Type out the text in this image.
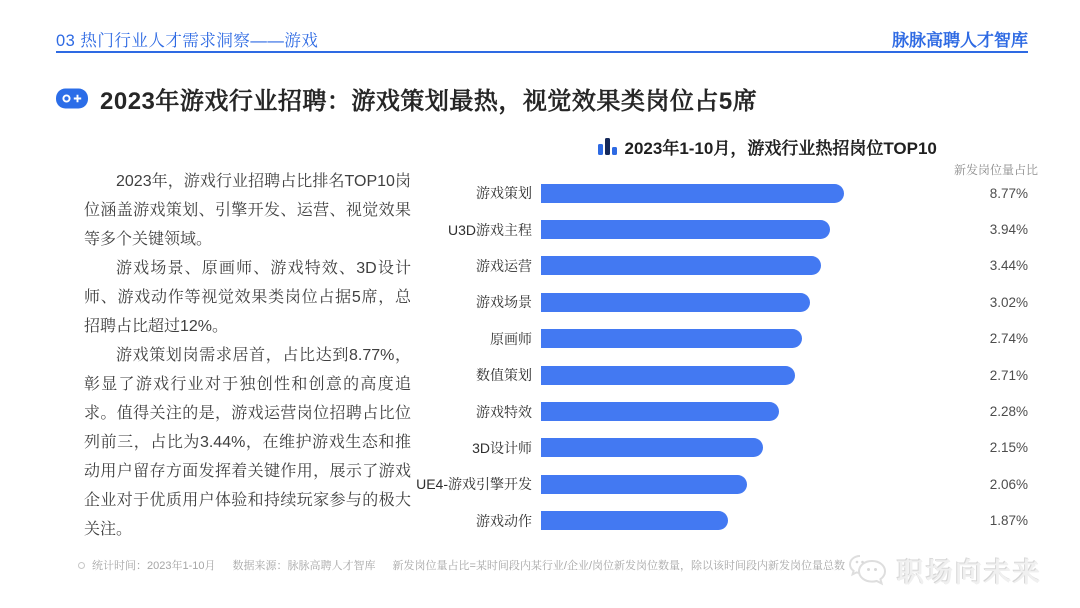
03 热门行业人才需求洞察——游戏	脉脉高聘人才智库
2023年游戏行业招聘：游戏策划最热，视觉效果类岗位占5席
2023年1-10月，游戏行业热招岗位TOP10
新发岗位量占比

2023年，游戏行业招聘占比排名TOP10岗位涵盖游戏策划、引擎开发、运营、视觉效果等多个关键领域。

游戏场景、原画师、游戏特效、3D设计师、游戏动作等视觉效果类岗位占据5席，总招聘占比超过12%。

游戏策划岗需求居首，占比达到8.77%，彰显了游戏行业对于独创性和创意的高度追求。值得关注的是，游戏运营岗位招聘占比位列前三，占比为3.44%，在维护游戏生态和推动用户留存方面发挥着关键作用，展示了游戏企业对于优质用户体验和持续玩家参与的极大关注。

游戏策划	8.77%
U3D游戏主程	3.94%
游戏运营	3.44%
游戏场景	3.02%
原画师	2.74%
数值策划	2.71%
游戏特效	2.28%
3D设计师	2.15%
UE4-游戏引擎开发	2.06%
游戏动作	1.87%
统计时间：2023年1-10月 数据来源：脉脉高聘人才智库 新发岗位量占比=某时间段内某行业/企业/岗位新发岗位数量，除以该时间段内新发岗位量总数 职场向未来
